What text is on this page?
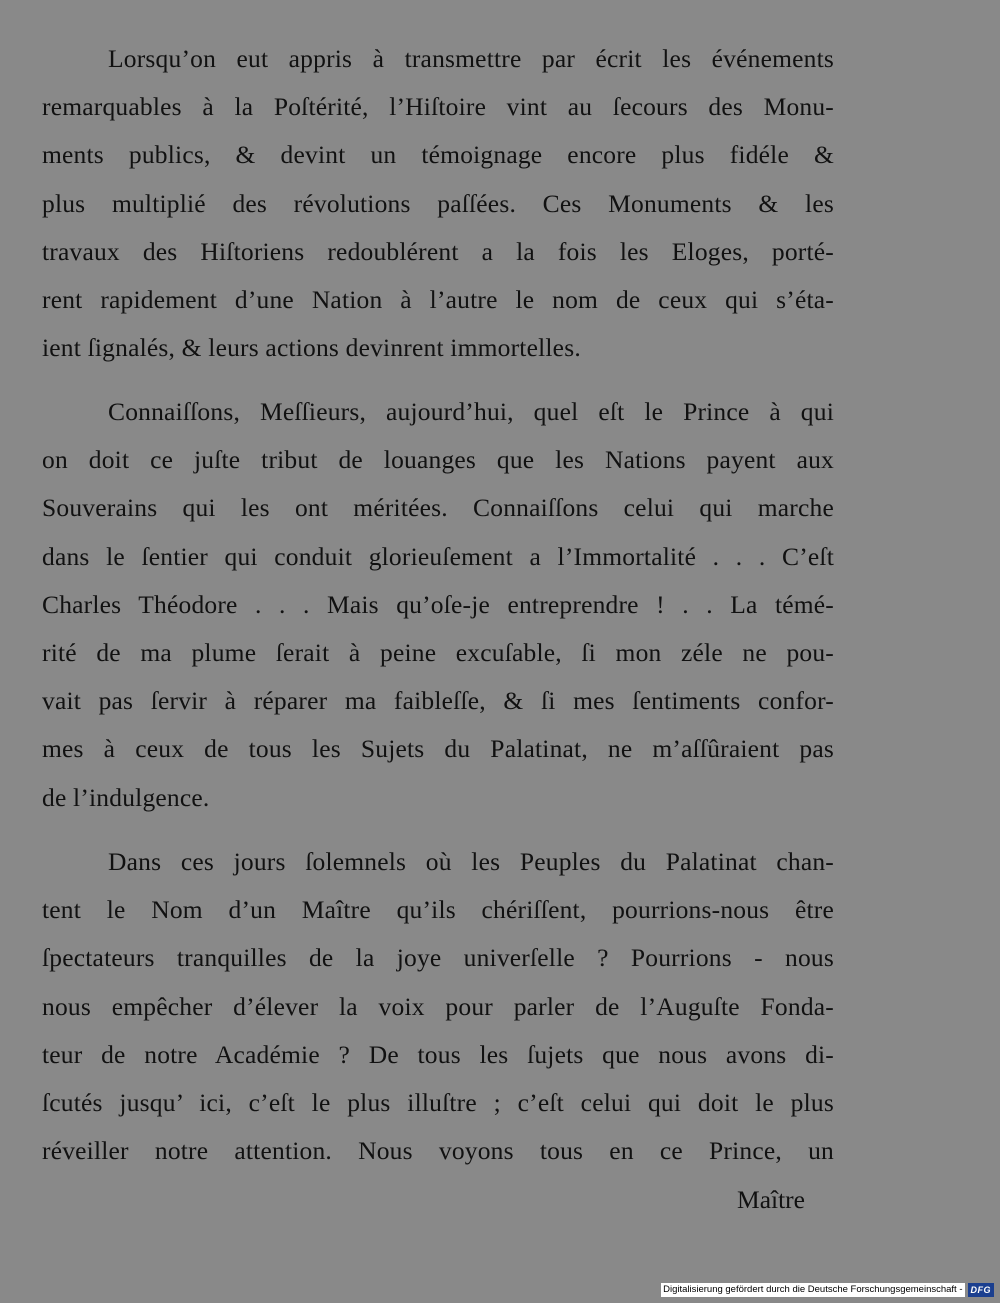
Lorsqu’on eut appris à transmettre par écrit les événements
remarquables à la Poſtérité, l’Hiſtoire vint au ſecours des Monu-
ments publics, & devint un témoignage encore plus fidéle &
plus multiplié des révolutions paſſées. Ces Monuments & les
travaux des Hiſtoriens redoublérent a la fois les Eloges, porté-
rent rapidement d’une Nation à l’autre le nom de ceux qui s’éta-
ient ſignalés, & leurs actions devinrent immortelles.
Connaiſſons, Meſſieurs, aujourd’hui, quel eſt le Prince à qui
on doit ce juſte tribut de louanges que les Nations payent aux
Souverains qui les ont méritées. Connaiſſons celui qui marche
dans le ſentier qui conduit glorieuſement a l’Immortalité . . . C’eſt
Charles Théodore . . . Mais qu’oſe-je entreprendre ! . . La témé-
rité de ma plume ſerait à peine excuſable, ſi mon zéle ne pou-
vait pas ſervir à réparer ma faibleſſe, & ſi mes ſentiments confor-
mes à ceux de tous les Sujets du Palatinat, ne m’aſſûraient pas
de l’indulgence.
Dans ces jours ſolemnels où les Peuples du Palatinat chan-
tent le Nom d’un Maître qu’ils chériſſent, pourrions-nous être
ſpectateurs tranquilles de la joye univerſelle ? Pourrions - nous
nous empêcher d’élever la voix pour parler de l’Auguſte Fonda-
teur de notre Académie ? De tous les ſujets que nous avons di-
ſcutés jusqu’ ici, c’eſt le plus illuſtre ; c’eſt celui qui doit le plus
réveiller notre attention. Nous voyons tous en ce Prince, un
Maître
Digitalisierung gefördert durch die Deutsche Forschungsgemeinschaft - DFG
